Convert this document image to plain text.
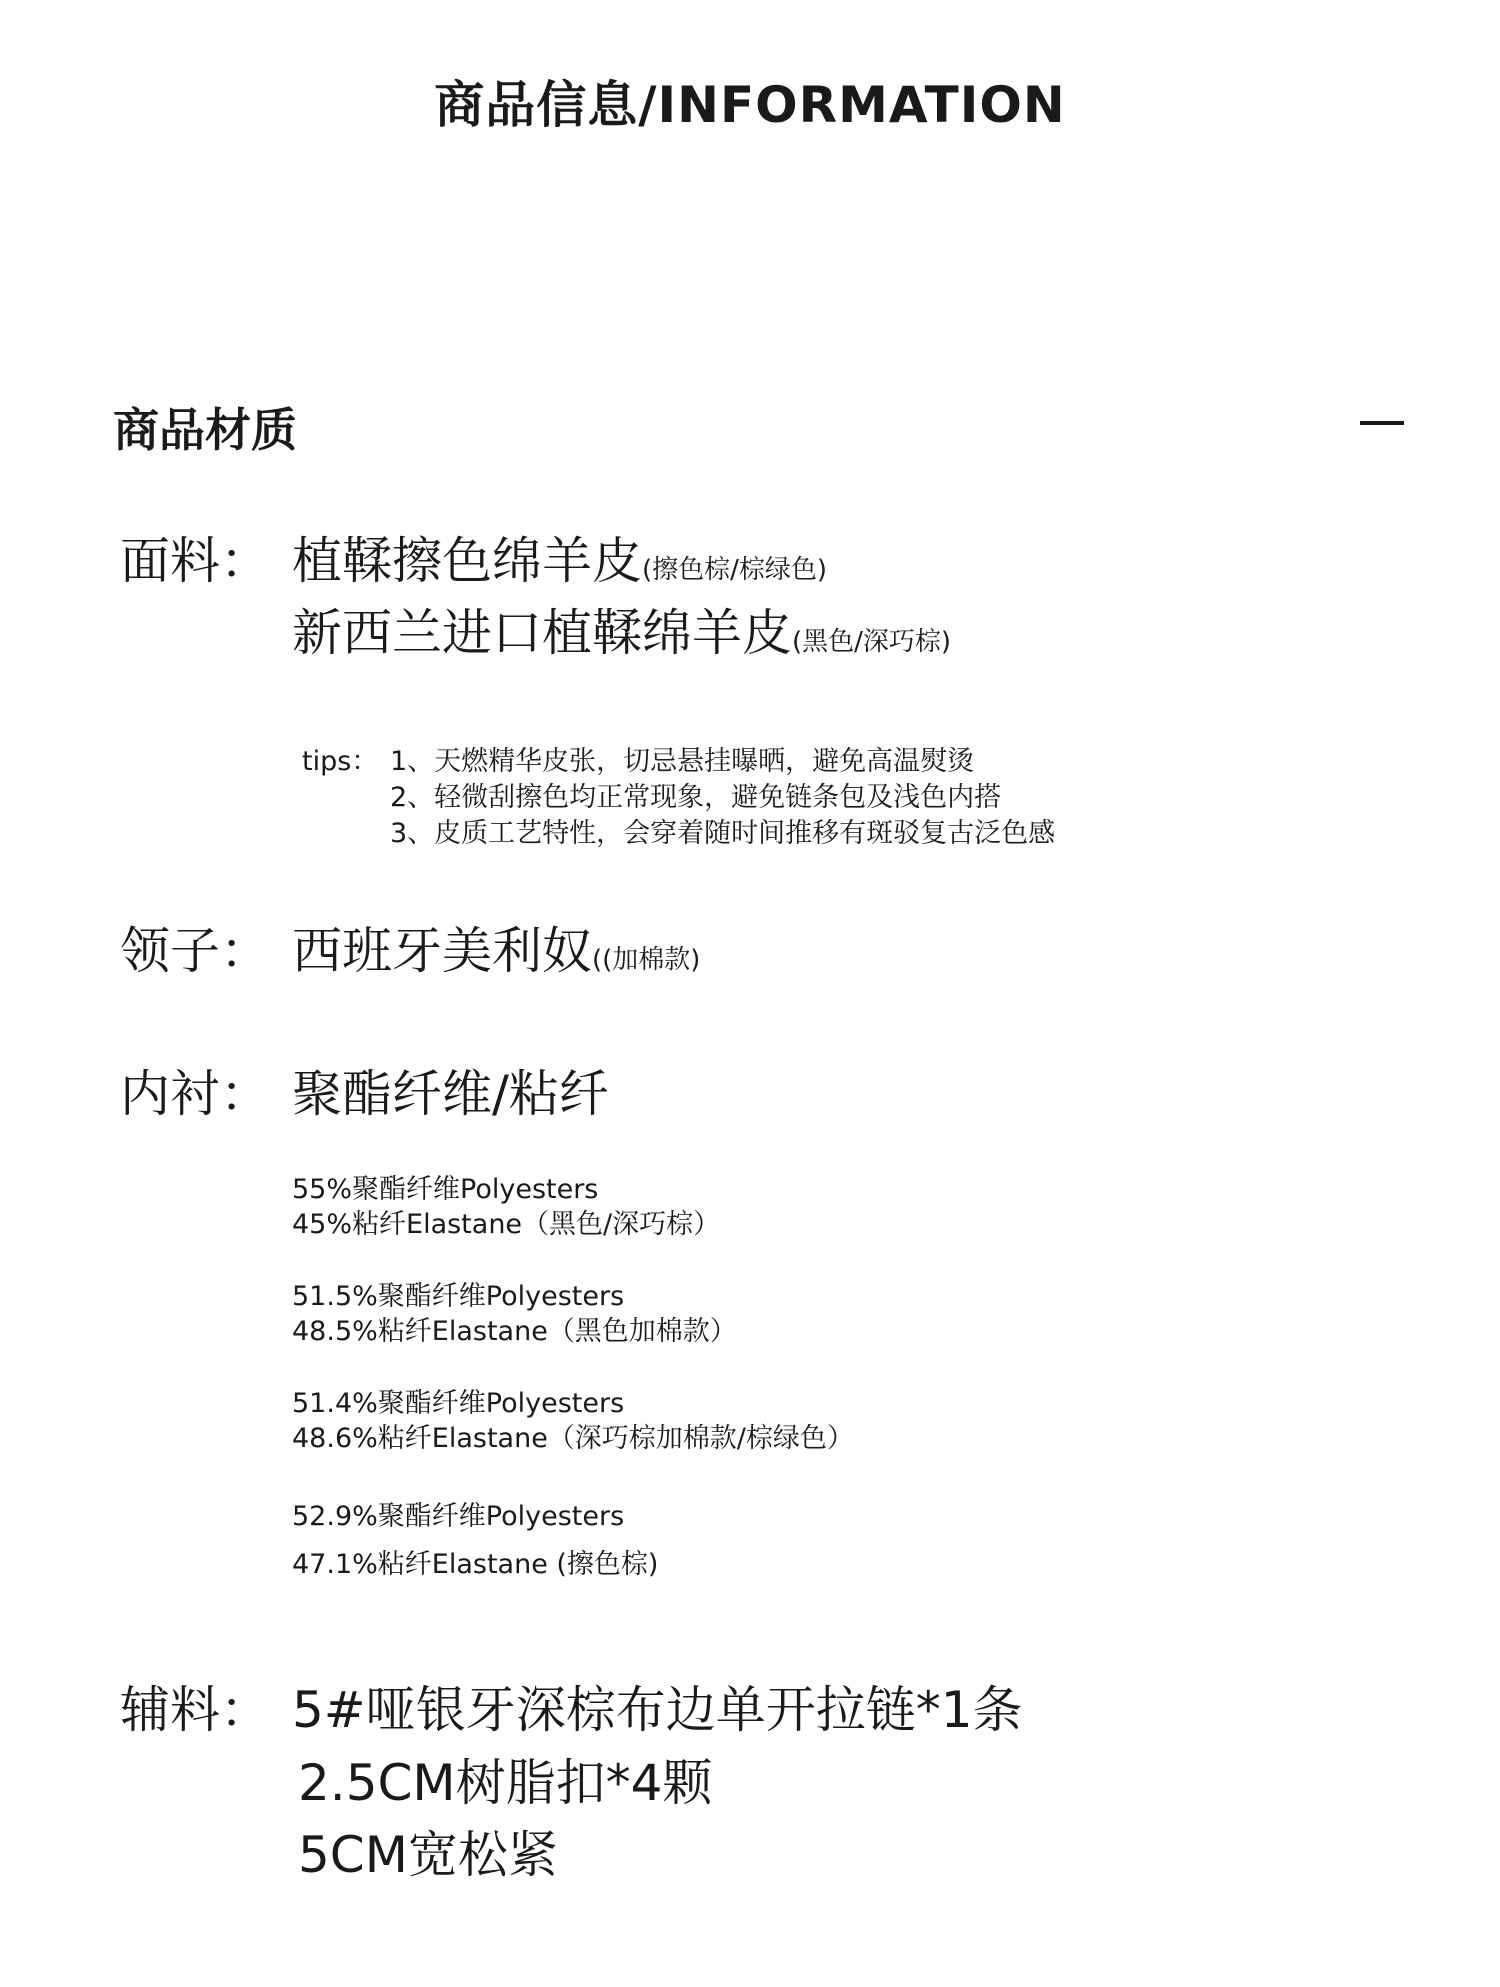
商品信息/INFORMATION
商品材质
面料： 植鞣擦色绵羊皮(擦色棕/棕绿色)
新西兰进口植鞣绵羊皮(黑色/深巧棕)
tips： 1、天燃精华皮张，切忌悬挂曝晒，避免高温熨烫
2、轻微刮擦色均正常现象，避免链条包及浅色内搭
3、皮质工艺特性，会穿着随时间推移有斑驳复古泛色感
领子： 西班牙美利奴((加棉款)
内衬： 聚酯纤维/粘纤
55%聚酯纤维Polyesters
45%粘纤Elastane（黑色/深巧棕）
51.5%聚酯纤维Polyesters
48.5%粘纤Elastane（黑色加棉款）
51.4%聚酯纤维Polyesters
48.6%粘纤Elastane（深巧棕加棉款/棕绿色）
52.9%聚酯纤维Polyesters
47.1%粘纤Elastane (擦色棕)
辅料： 5#哑银牙深棕布边单开拉链*1条
2.5CM树脂扣*4颗
5CM宽松紧
